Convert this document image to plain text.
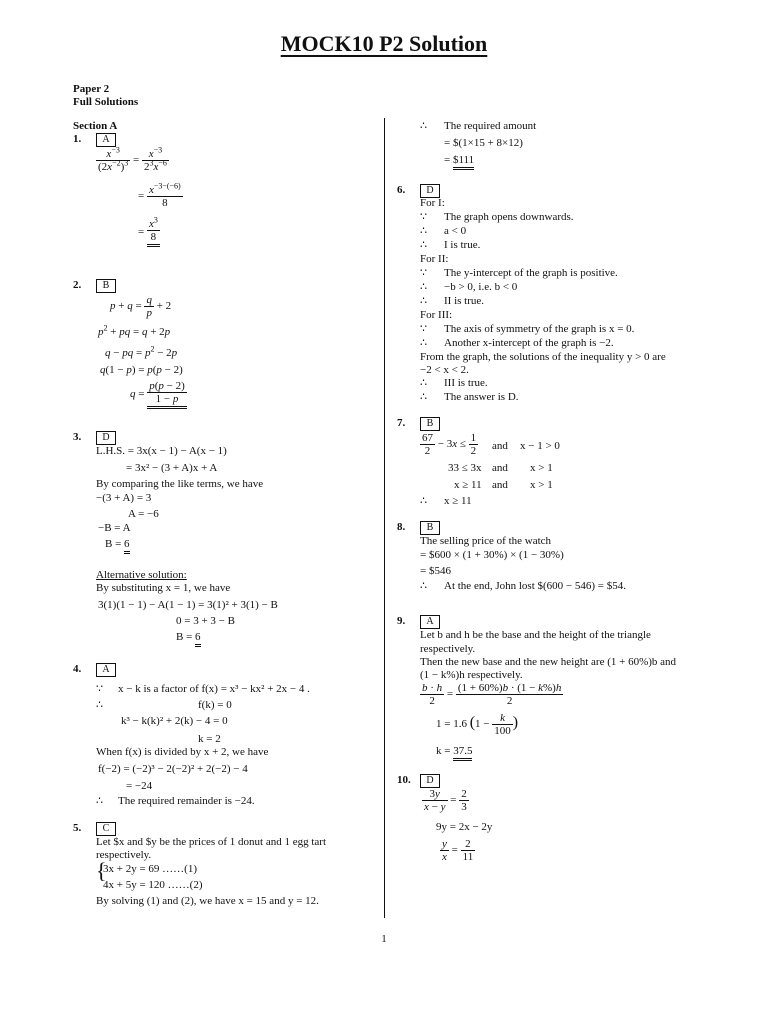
MOCK10 P2 Solution
Paper 2
Full Solutions
Section A
1.	A
$\frac{x^{-3}}{(2x^{-2})^3} = \frac{x^{-3}}{2^3x^{-6}}$
= $\frac{x^{-3-(-6)}}{8}$
= $\frac{x^3}{8}$
2.	B
$p + q = \frac{q}{p} + 2$
$p^2$ + pq = q + 2p
q − pq = $p^2 - 2p$
q(1 − p) = p(p − 2)
$q = \frac{p(p - 2)}{1 - p}$
3.	D
L.H.S. = 3x(x − 1) − A(x − 1)
= 3x² − (3 + A)x + A
By comparing the like terms, we have
−(3 + A) = 3
A = −6
−B = A
B = 6
Alternative solution:
By substituting x = 1, we have
3(1)(1 − 1) − A(1 − 1) = 3(1)² + 3(1) − B
0 = 3 + 3 − B
B = 6
4.	A
∵ x − k is a factor of f(x) = x³ − kx² + 2x − 4 .
∴	f(k) = 0
k³ − k(k)² + 2(k) − 4 = 0
k = 2
When f(x) is divided by x + 2, we have
f(−2) = (−2)³ − 2(−2)² + 2(−2) − 4
= −24
∴ The required remainder is −24.
5.	C
Let $x and $y be the prices of 1 donut and 1 egg tart
respectively.
{
3x + 2y = 69 ……(1)
4x + 5y = 120 ……(2)
By solving (1) and (2), we have x = 15 and y = 12.
∴ The required amount
= $(1×15 + 8×12)
= $111
6.	D
For I:
∵ The graph opens downwards.
∴ a < 0
∴ I is true.
For II:
∵ The y-intercept of the graph is positive.
∴ −b > 0, i.e. b < 0
∴ II is true.
For III:
∵ The axis of symmetry of the graph is x = 0.
∴ Another x-intercept of the graph is −2.
From the graph, the solutions of the inequality y > 0 are
−2 < x < 2.
∴ III is true.
∴ The answer is D.
7.	B
$\frac{67}{2} - 3x \le \frac{1}{2}$ and x − 1 > 0
33 ≤ 3x and x > 1
x ≥ 11 and x > 1
∴ x ≥ 11
8.	B
The selling price of the watch
= $600 × (1 + 30%) × (1 − 30%)
= $546
∴ At the end, John lost $(600 − 546) = $54.
9.	A
Let b and h be the base and the height of the triangle
respectively.
Then the new base and the new height are (1 + 60%)b and
(1 − k%)h respectively.
$\frac{b \cdot h}{2} = \frac{(1 + 60\%)b \cdot (1 - k\%)h}{2}$
1 = 1.6 ($1 - \frac{k}{100}$ )
k = 37.5
10.	D
$\frac{3y}{x - y} = \frac{2}{3}$
9y = 2x − 2y
$\frac{y}{x} = \frac{2}{11}$
1
